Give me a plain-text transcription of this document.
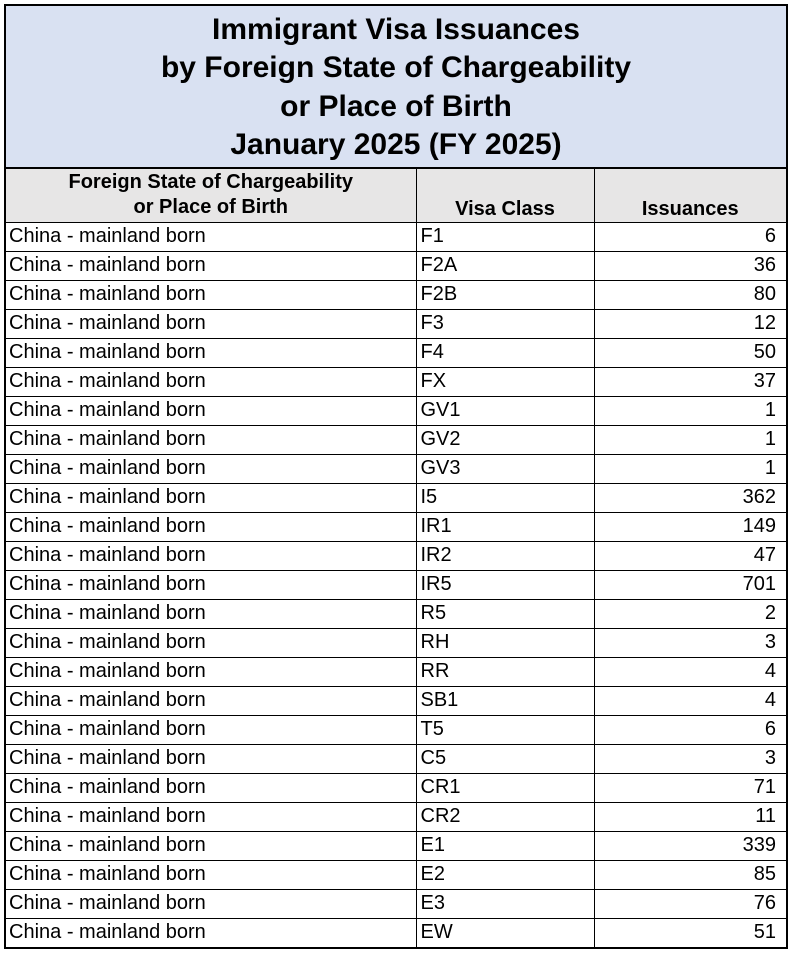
Immigrant Visa Issuances
by Foreign State of Chargeability
or Place of Birth
January 2025 (FY 2025)
Foreign State of Chargeability
or Place of Birth	Visa Class	Issuances
China - mainland born	F1	6
China - mainland born	F2A	36
China - mainland born	F2B	80
China - mainland born	F3	12
China - mainland born	F4	50
China - mainland born	FX	37
China - mainland born	GV1	1
China - mainland born	GV2	1
China - mainland born	GV3	1
China - mainland born	I5	362
China - mainland born	IR1	149
China - mainland born	IR2	47
China - mainland born	IR5	701
China - mainland born	R5	2
China - mainland born	RH	3
China - mainland born	RR	4
China - mainland born	SB1	4
China - mainland born	T5	6
China - mainland born	C5	3
China - mainland born	CR1	71
China - mainland born	CR2	11
China - mainland born	E1	339
China - mainland born	E2	85
China - mainland born	E3	76
China - mainland born	EW	51
